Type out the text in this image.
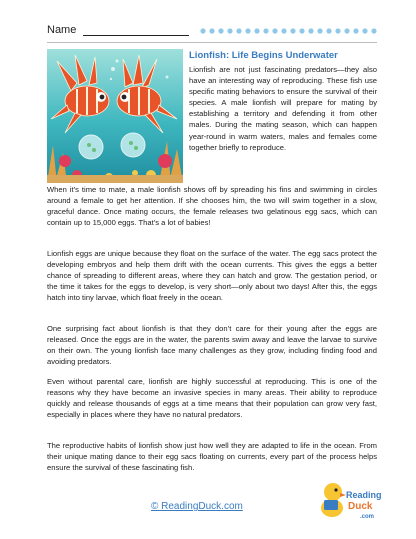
Name
Lionfish: Life Begins Underwater
Lionfish are not just fascinating predators—they also have an interesting way of reproducing. These fish use specific mating behaviors to ensure the survival of their species. A male lionfish will prepare for mating by establishing a territory and defending it from other males. During the mating season, which can happen year-round in warm waters, males and females come together briefly to reproduce.
When it’s time to mate, a male lionfish shows off by spreading his fins and swimming in circles around a female to get her attention. If she chooses him, the two will swim together in a slow, graceful dance. Once mating occurs, the female releases two gelatinous egg sacs, which can contain up to 15,000 eggs. That’s a lot of babies!
Lionfish eggs are unique because they float on the surface of the water. The egg sacs protect the developing embryos and help them drift with the ocean currents. This gives the eggs a better chance of spreading to different areas, where they can hatch and grow. The gestation period, or the time it takes for the eggs to develop, is very short—only about two days! After this, the eggs hatch into tiny larvae, which float freely in the ocean.
One surprising fact about lionfish is that they don’t care for their young after the eggs are released. Once the eggs are in the water, the parents swim away and leave the larvae to survive on their own. The young lionfish face many challenges as they grow, including finding food and avoiding predators.
Even without parental care, lionfish are highly successful at reproducing. This is one of the reasons why they have become an invasive species in many areas. Their ability to reproduce quickly and release thousands of eggs at a time means that their population can grow very fast, especially in places where they have no natural predators.
The reproductive habits of lionfish show just how well they are adapted to life in the ocean. From their unique mating dance to their egg sacs floating on currents, every part of the process helps ensure the survival of these fascinating fish.
© ReadingDuck.com
Reading
Duck
.com
